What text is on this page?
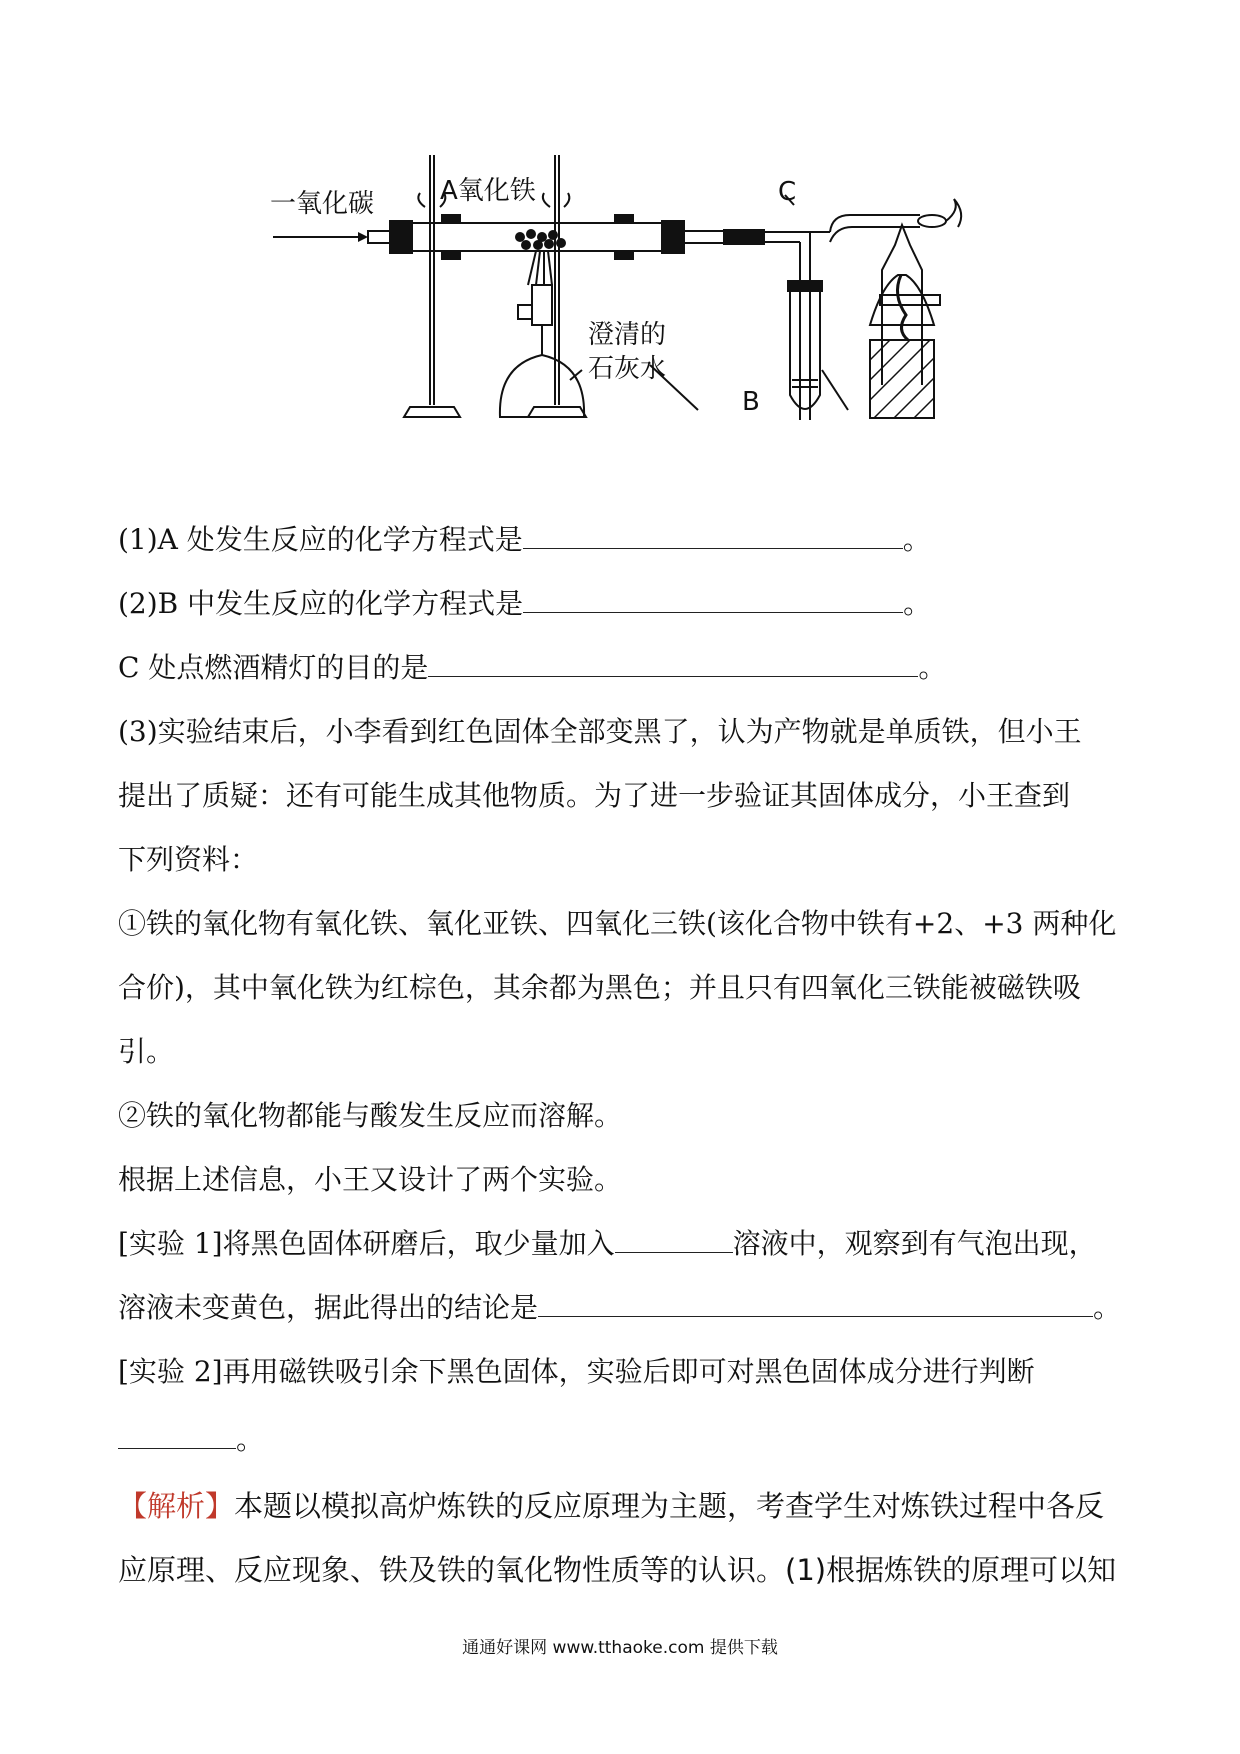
一氧化碳	A氧化铁	C
澄清的
石灰水
B
(1)A 处发生反应的化学方程式是	。
(2)B 中发生反应的化学方程式是	。
C 处点燃酒精灯的目的是	。
(3)实验结束后，小李看到红色固体全部变黑了，认为产物就是单质铁，但小王
提出了质疑：还有可能生成其他物质。为了进一步验证其固体成分，小王查到
下列资料：
①铁的氧化物有氧化铁、氧化亚铁、四氧化三铁(该化合物中铁有+2、+3 两种化
合价)，其中氧化铁为红棕色，其余都为黑色；并且只有四氧化三铁能被磁铁吸
引。
②铁的氧化物都能与酸发生反应而溶解。
根据上述信息，小王又设计了两个实验。
[实验 1]将黑色固体研磨后，取少量加入	溶液中，观察到有气泡出现，
溶液未变黄色，据此得出的结论是	。
[实验 2]再用磁铁吸引余下黑色固体，实验后即可对黑色固体成分进行判断
。
【解析】本题以模拟高炉炼铁的反应原理为主题，考查学生对炼铁过程中各反
应原理、反应现象、铁及铁的氧化物性质等的认识。(1)根据炼铁的原理可以知
通通好课网 www.tthaoke.com 提供下载
